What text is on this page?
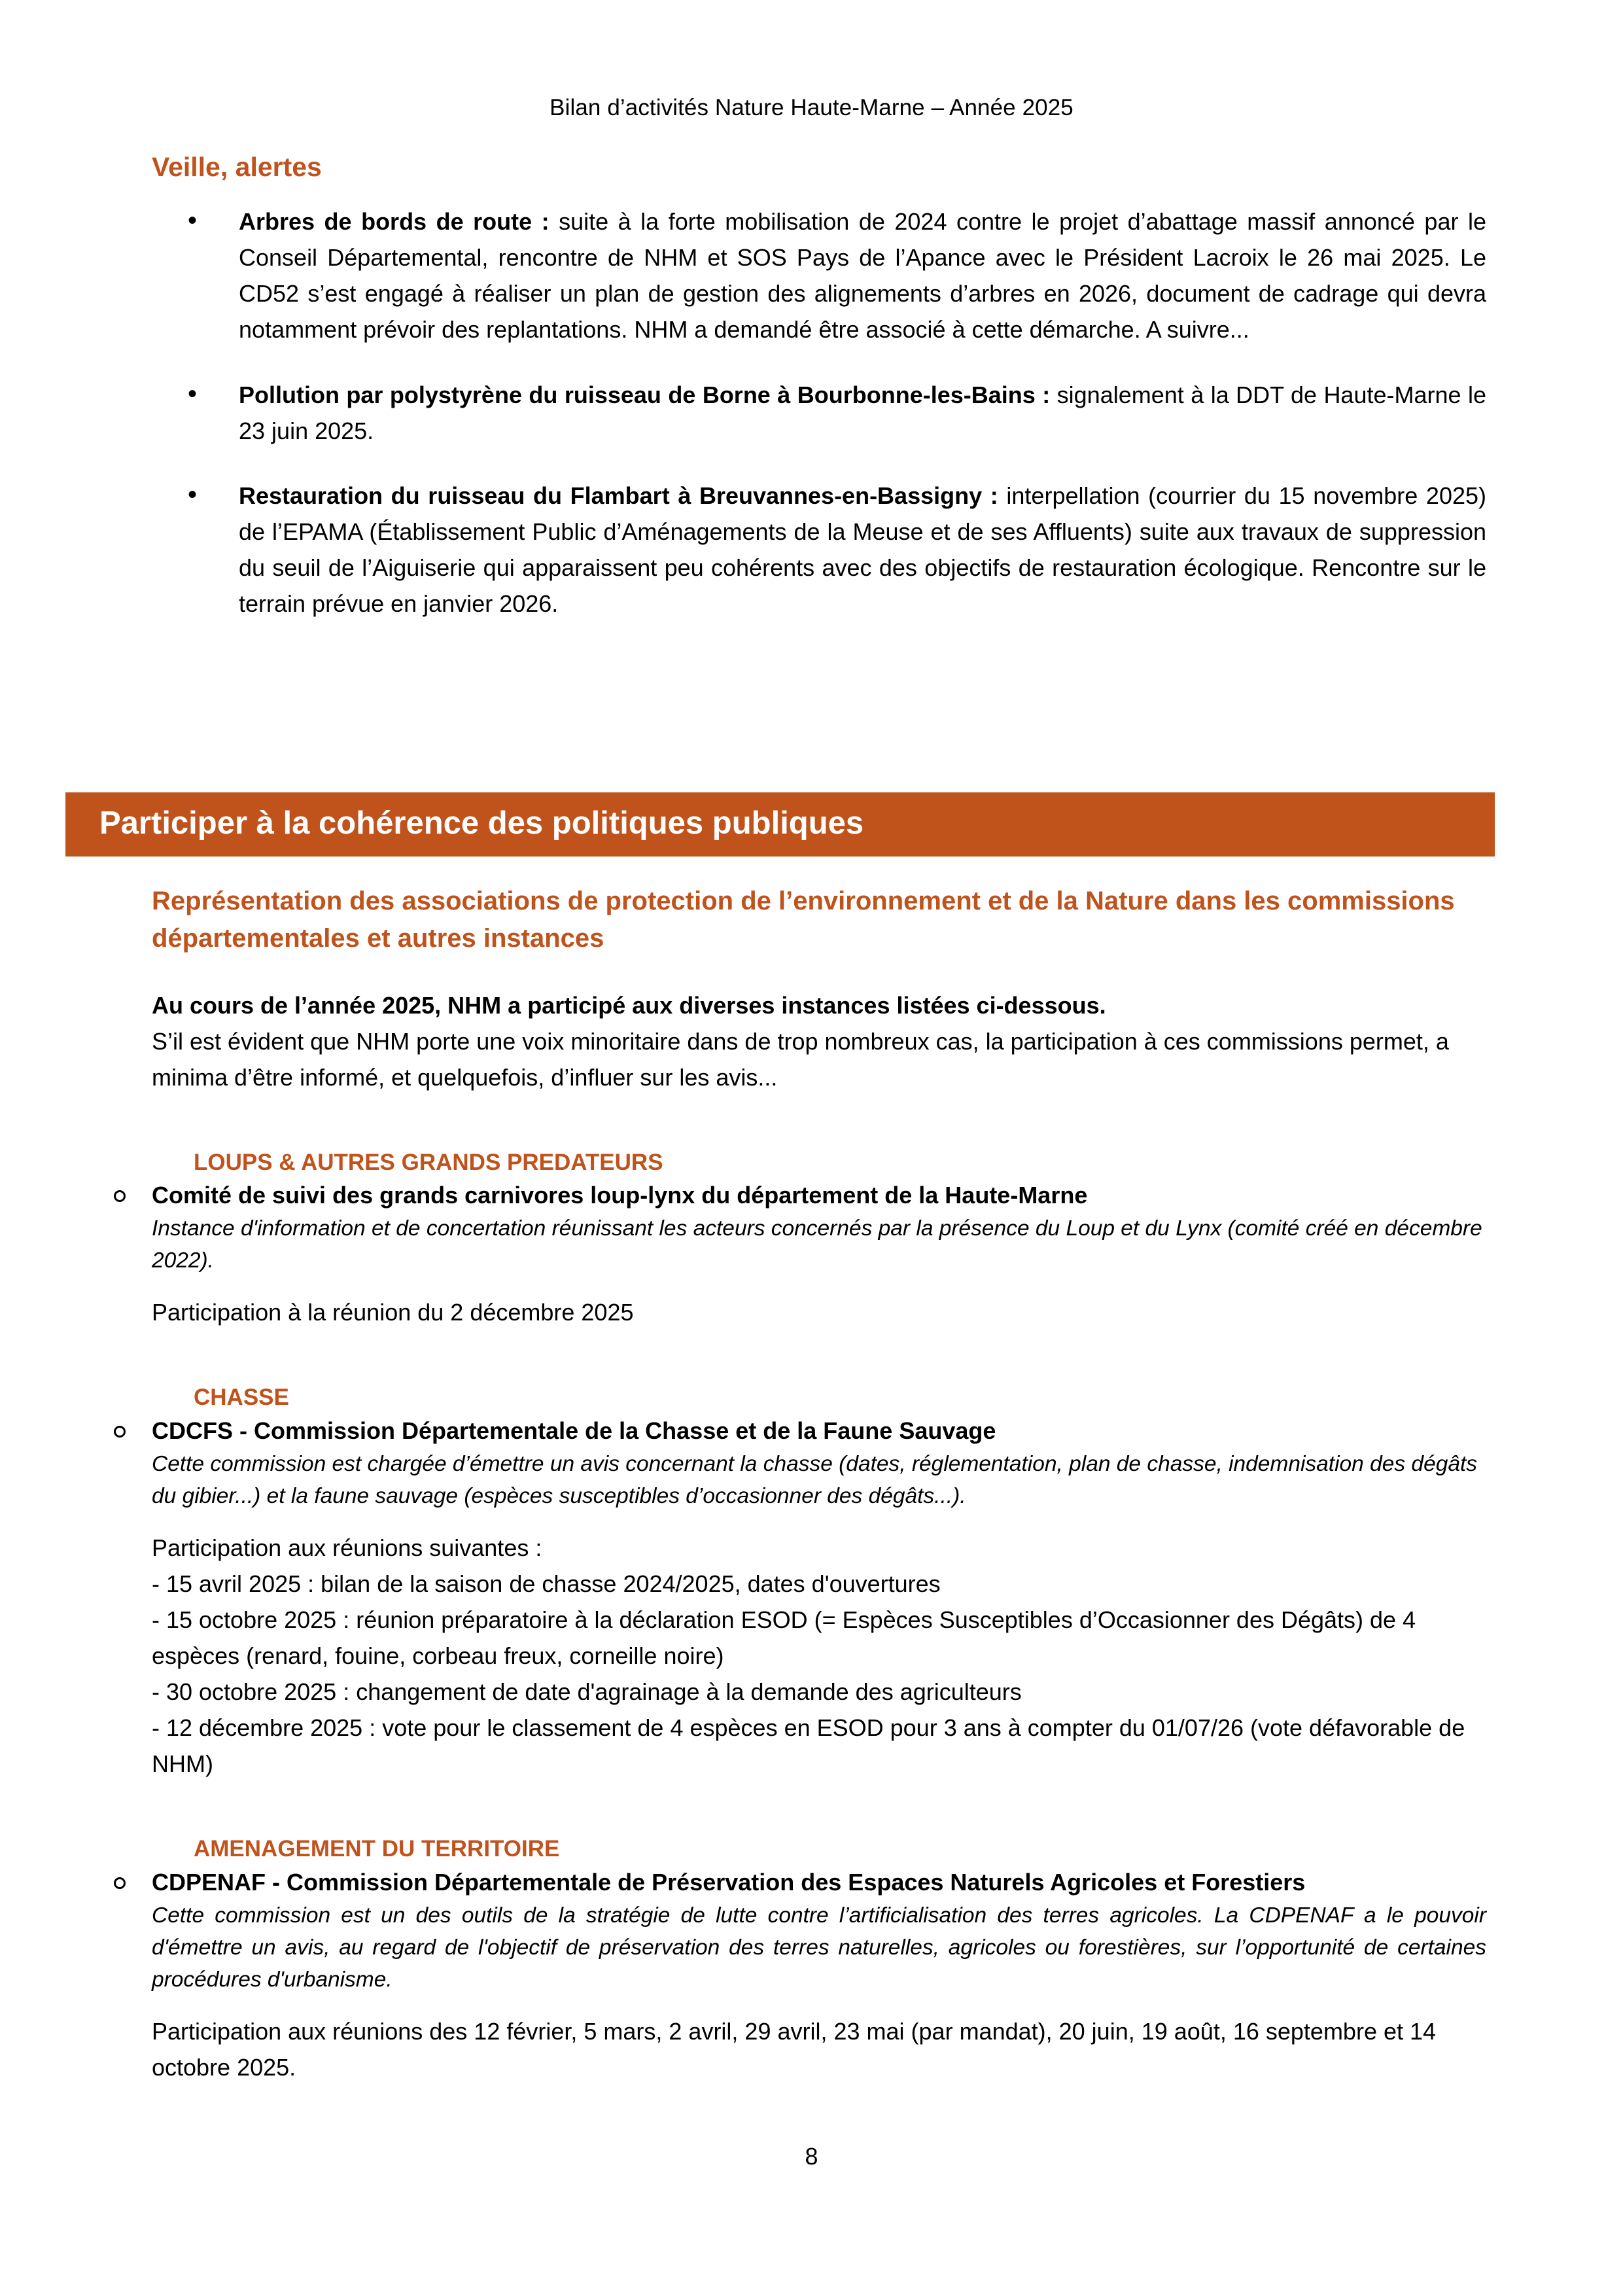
Bilan d’activités Nature Haute-Marne – Année 2025
Veille, alertes

• Arbres de bords de route : suite à la forte mobilisation de 2024 contre le projet d’abattage massif annoncé par le Conseil Départemental, rencontre de NHM et SOS Pays de l’Apance avec le Président Lacroix le 26 mai 2025. Le CD52 s’est engagé à réaliser un plan de gestion des alignements d’arbres en 2026, document de cadrage qui devra notamment prévoir des replantations. NHM a demandé être associé à cette démarche. A suivre...

• Pollution par polystyrène du ruisseau de Borne à Bourbonne-les-Bains : signalement à la DDT de Haute-Marne le 23 juin 2025.

• Restauration du ruisseau du Flambart à Breuvannes-en-Bassigny : interpellation (courrier du 15 novembre 2025) de l’EPAMA (Établissement Public d’Aménagements de la Meuse et de ses Affluents) suite aux travaux de suppression du seuil de l’Aiguiserie qui apparaissent peu cohérents avec des objectifs de restauration écologique. Rencontre sur le terrain prévue en janvier 2026.

Participer à la cohérence des politiques publiques
Représentation des associations de protection de l’environnement et de la Nature dans les commissions départementales et autres instances

Au cours de l’année 2025, NHM a participé aux diverses instances listées ci-dessous.

S’il est évident que NHM porte une voix minoritaire dans de trop nombreux cas, la participation à ces commissions permet, a minima d’être informé, et quelquefois, d’influer sur les avis...

LOUPS & AUTRES GRANDS PREDATEURS

Comité de suivi des grands carnivores loup-lynx du département de la Haute-Marne

Instance d'information et de concertation réunissant les acteurs concernés par la présence du Loup et du Lynx (comité créé en décembre 2022).

Participation à la réunion du 2 décembre 2025

CHASSE

CDCFS - Commission Départementale de la Chasse et de la Faune Sauvage

Cette commission est chargée d’émettre un avis concernant la chasse (dates, réglementation, plan de chasse, indemnisation des dégâts du gibier...) et la faune sauvage (espèces susceptibles d’occasionner des dégâts...).

Participation aux réunions suivantes :

- 15 avril 2025 : bilan de la saison de chasse 2024/2025, dates d'ouvertures

- 15 octobre 2025 : réunion préparatoire à la déclaration ESOD (= Espèces Susceptibles d’Occasionner des Dégâts) de 4 espèces (renard, fouine, corbeau freux, corneille noire)

- 30 octobre 2025 : changement de date d'agrainage à la demande des agriculteurs

- 12 décembre 2025 : vote pour le classement de 4 espèces en ESOD pour 3 ans à compter du 01/07/26 (vote défavorable de NHM)

AMENAGEMENT DU TERRITOIRE

CDPENAF - Commission Départementale de Préservation des Espaces Naturels Agricoles et Forestiers

Cette commission est un des outils de la stratégie de lutte contre l’artificialisation des terres agricoles. La CDPENAF a le pouvoir d'émettre un avis, au regard de l'objectif de préservation des terres naturelles, agricoles ou forestières, sur l’opportunité de certaines procédures d'urbanisme.

Participation aux réunions des 12 février, 5 mars, 2 avril, 29 avril, 23 mai (par mandat), 20 juin, 19 août, 16 septembre et 14 octobre 2025.

8
